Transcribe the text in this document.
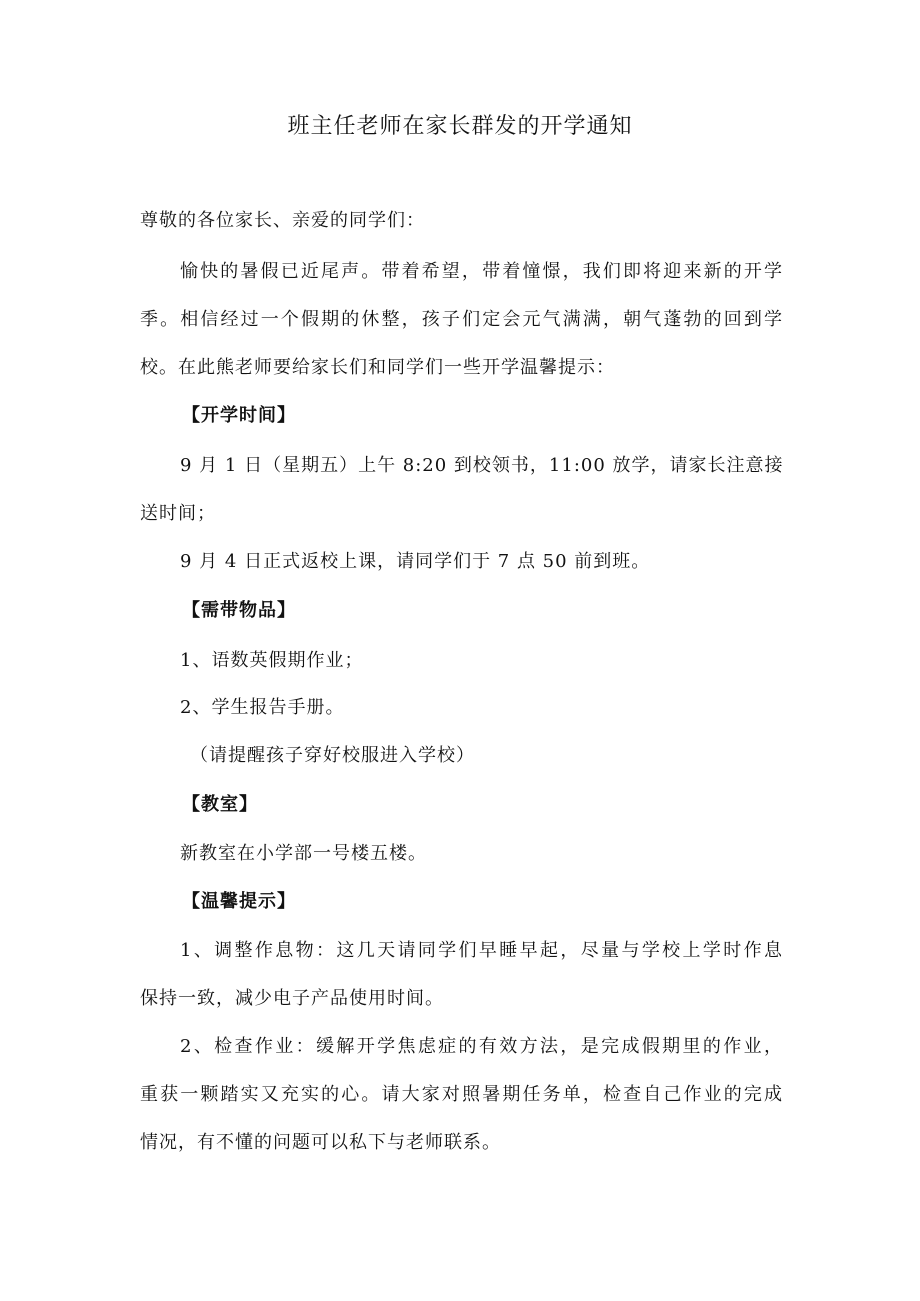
班主任老师在家长群发的开学通知
尊敬的各位家长、亲爱的同学们：
愉快的暑假已近尾声。带着希望，带着憧憬，我们即将迎来新的开学
季。相信经过一个假期的休整，孩子们定会元气满满，朝气蓬勃的回到学
校。在此熊老师要给家长们和同学们一些开学温馨提示：
【开学时间】
9 月 1 日（星期五）上午 8:20 到校领书，11:00 放学，请家长注意接
送时间；
9 月 4 日正式返校上课，请同学们于 7 点 50 前到班。
【需带物品】
1、语数英假期作业；
2、学生报告手册。
（请提醒孩子穿好校服进入学校）
【教室】
新教室在小学部一号楼五楼。
【温馨提示】
1、调整作息物：这几天请同学们早睡早起，尽量与学校上学时作息
保持一致，减少电子产品使用时间。
2、检查作业：缓解开学焦虑症的有效方法，是完成假期里的作业，
重获一颗踏实又充实的心。请大家对照暑期任务单，检查自己作业的完成
情况，有不懂的问题可以私下与老师联系。
